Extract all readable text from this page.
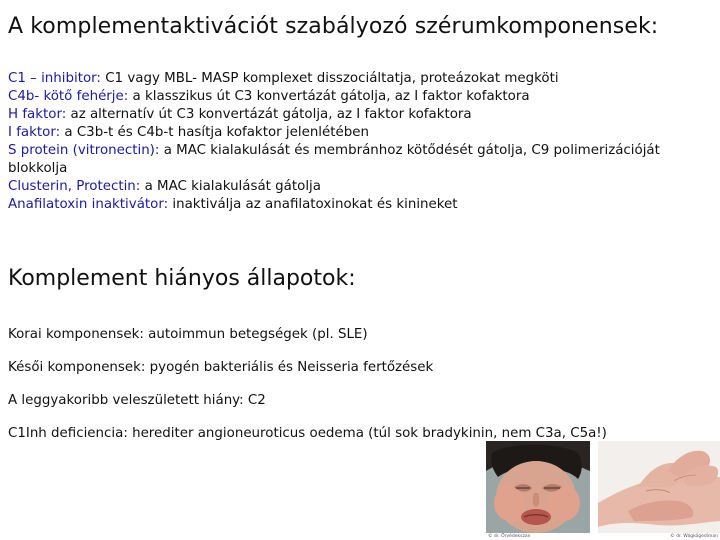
A komplementaktivációt szabályozó szérumkomponensek:

C1 – inhibitor: C1 vagy MBL- MASP komplexet disszociáltatja, proteázokat megköti

C4b- kötő fehérje: a klasszikus út C3 konvertázát gátolja, az I faktor kofaktora

H faktor: az alternatív út C3 konvertázát gátolja, az I faktor kofaktora

I faktor: a C3b-t és C4b-t hasítja kofaktor jelenlétében

S protein (vitronectin): a MAC kialakulását és membránhoz kötődését gátolja, C9 polimerizációját blokkolja

Clusterin, Protectin: a MAC kialakulását gátolja

Anafilatoxin inaktivátor: inaktiválja az anafilatoxinokat és kinineket

Komplement hiányos állapotok:

Korai komponensek: autoimmun betegségek (pl. SLE)

Késői komponensek: pyogén bakteriális és Neisseria fertőzések

A leggyakoribb veleszületett hiány: C2

C1Inh deficiencia: herediter angioneuroticus oedema (túl sok bradykinin, nem C3a, C5a!)

© dr. Örvédekszan	© dr. Wágkögediman
